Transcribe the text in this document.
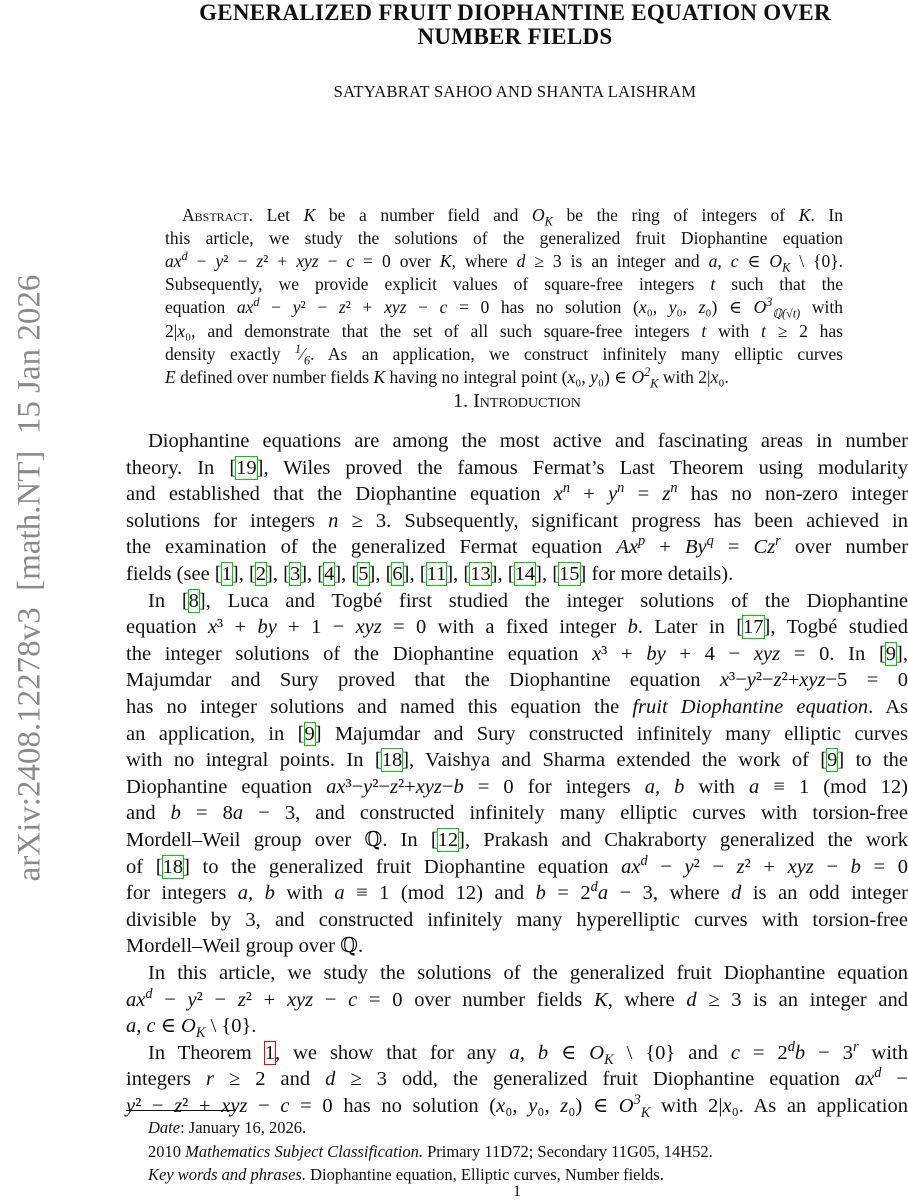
GENERALIZED FRUIT DIOPHANTINE EQUATION OVER
NUMBER FIELDS
SATYABRAT SAHOO AND SHANTA LAISHRAM
arXiv:2408.12278v3  [math.NT]  15 Jan 2026
Abstract. Let K be a number field and $O_K$ be the ring of integers of K. In
this article, we study the solutions of the generalized fruit Diophantine equation
$ax^d - y^2 - z^2$ + xyz − c = 0 over K, where d ≥ 3 is an integer and a, c ∈ $O_K$ \ {0}.
Subsequently, we provide explicit values of square-free integers t such that the
equation $ax^d - y^2 - z^2$ + xyz − c = 0 has no solution (x₀, y₀, z₀) ∈ $O^3_{ℚ(√t)}$ with
2|x₀, and demonstrate that the set of all such square-free integers t with t ≥ 2 has
density exactly $^1⁄_6$. As an application, we construct infinitely many elliptic curves
E defined over number fields K having no integral point (x₀, y₀) ∈ $O^2_K$ with 2|x₀.
1. Introduction
Diophantine equations are among the most active and fascinating areas in number
theory. In [19], Wiles proved the famous Fermat’s Last Theorem using modularity
and established that the Diophantine equation $x^n + y^n = z^n$ has no non-zero integer
solutions for integers n ≥ 3. Subsequently, significant progress has been achieved in
the examination of the generalized Fermat equation $Ax^p + By^q = Cz^r$ over number
fields (see [1], [2], [3], [4], [5], [6], [11], [13], [14], [15] for more details).
In [8], Luca and Togbé first studied the integer solutions of the Diophantine
equation x³ + by + 1 − xyz = 0 with a fixed integer b. Later in [17], Togbé studied
the integer solutions of the Diophantine equation x³ + by + 4 − xyz = 0. In [9],
Majumdar and Sury proved that the Diophantine equation x³−y²−z²+xyz−5 = 0
has no integer solutions and named this equation the fruit Diophantine equation. As
an application, in [9] Majumdar and Sury constructed infinitely many elliptic curves
with no integral points. In [18], Vaishya and Sharma extended the work of [9] to the
Diophantine equation ax³−y²−z²+xyz−b = 0 for integers a, b with a ≡ 1 (mod 12)
and b = 8a − 3, and constructed infinitely many elliptic curves with torsion-free
Mordell–Weil group over ℚ. In [12], Prakash and Chakraborty generalized the work
of [18] to the generalized fruit Diophantine equation $ax^d - y^2 - z^2$ + xyz − b = 0
for integers a, b with a ≡ 1 (mod 12) and $b = 2^da - 3$, where d is an odd integer
divisible by 3, and constructed infinitely many hyperelliptic curves with torsion-free
Mordell–Weil group over ℚ.
In this article, we study the solutions of the generalized fruit Diophantine equation
$ax^d - y^2 - z^2$ + xyz − c = 0 over number fields K, where d ≥ 3 is an integer and
a, c ∈ $O_K$ \ {0}.
In Theorem 1, we show that for any a, b ∈ $O_K$ \ {0} and $c = 2^db - 3^r$ with
integers r ≥ 2 and d ≥ 3 odd, the generalized fruit Diophantine equation $ax^d$ −
y² − z² + xyz − c = 0 has no solution (x₀, y₀, z₀) ∈ $O^3_K$ with 2|x₀. As an application
Date: January 16, 2026.
2010 Mathematics Subject Classification. Primary 11D72; Secondary 11G05, 14H52.
Key words and phrases. Diophantine equation, Elliptic curves, Number fields.
1
